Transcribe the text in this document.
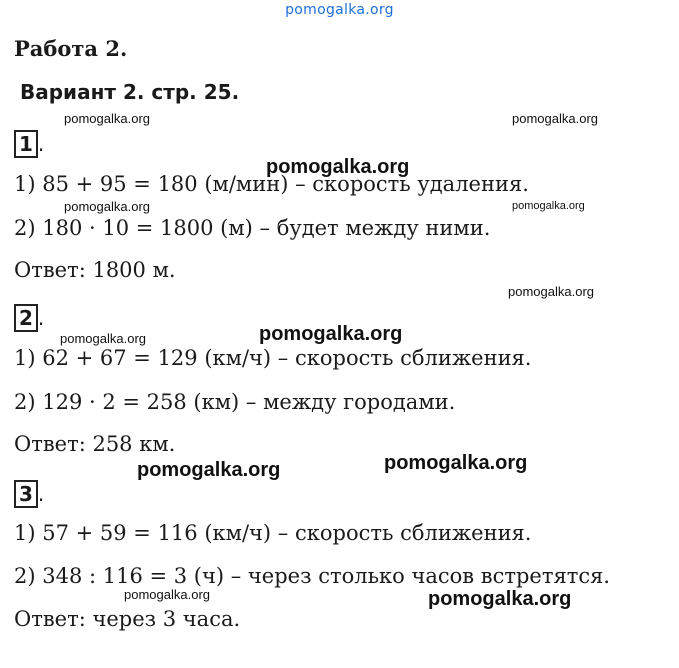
pomogalka.org
Работа 2.
Вариант 2. стр. 25.
1 .
1) 85 + 95 = 180 (м/мин) – скорость удаления.
2) 180 · 10 = 1800 (м) – будет между ними.
Ответ: 1800 м.
2 .
1) 62 + 67 = 129 (км/ч) – скорость сближения.
2) 129 · 2 = 258 (км) – между городами.
Ответ: 258 км.
3 .
1) 57 + 59 = 116 (км/ч) – скорость сближения.
2) 348 : 116 = 3 (ч) – через столько часов встретятся.
Ответ: через 3 часа.
pomogalka.org	pomogalka.org
pomogalka.org	pomogalka.org
pomogalka.org
pomogalka.org
pomogalka.org
pomogalka.org
pomogalka.org
pomogalka.org	pomogalka.org
pomogalka.org
